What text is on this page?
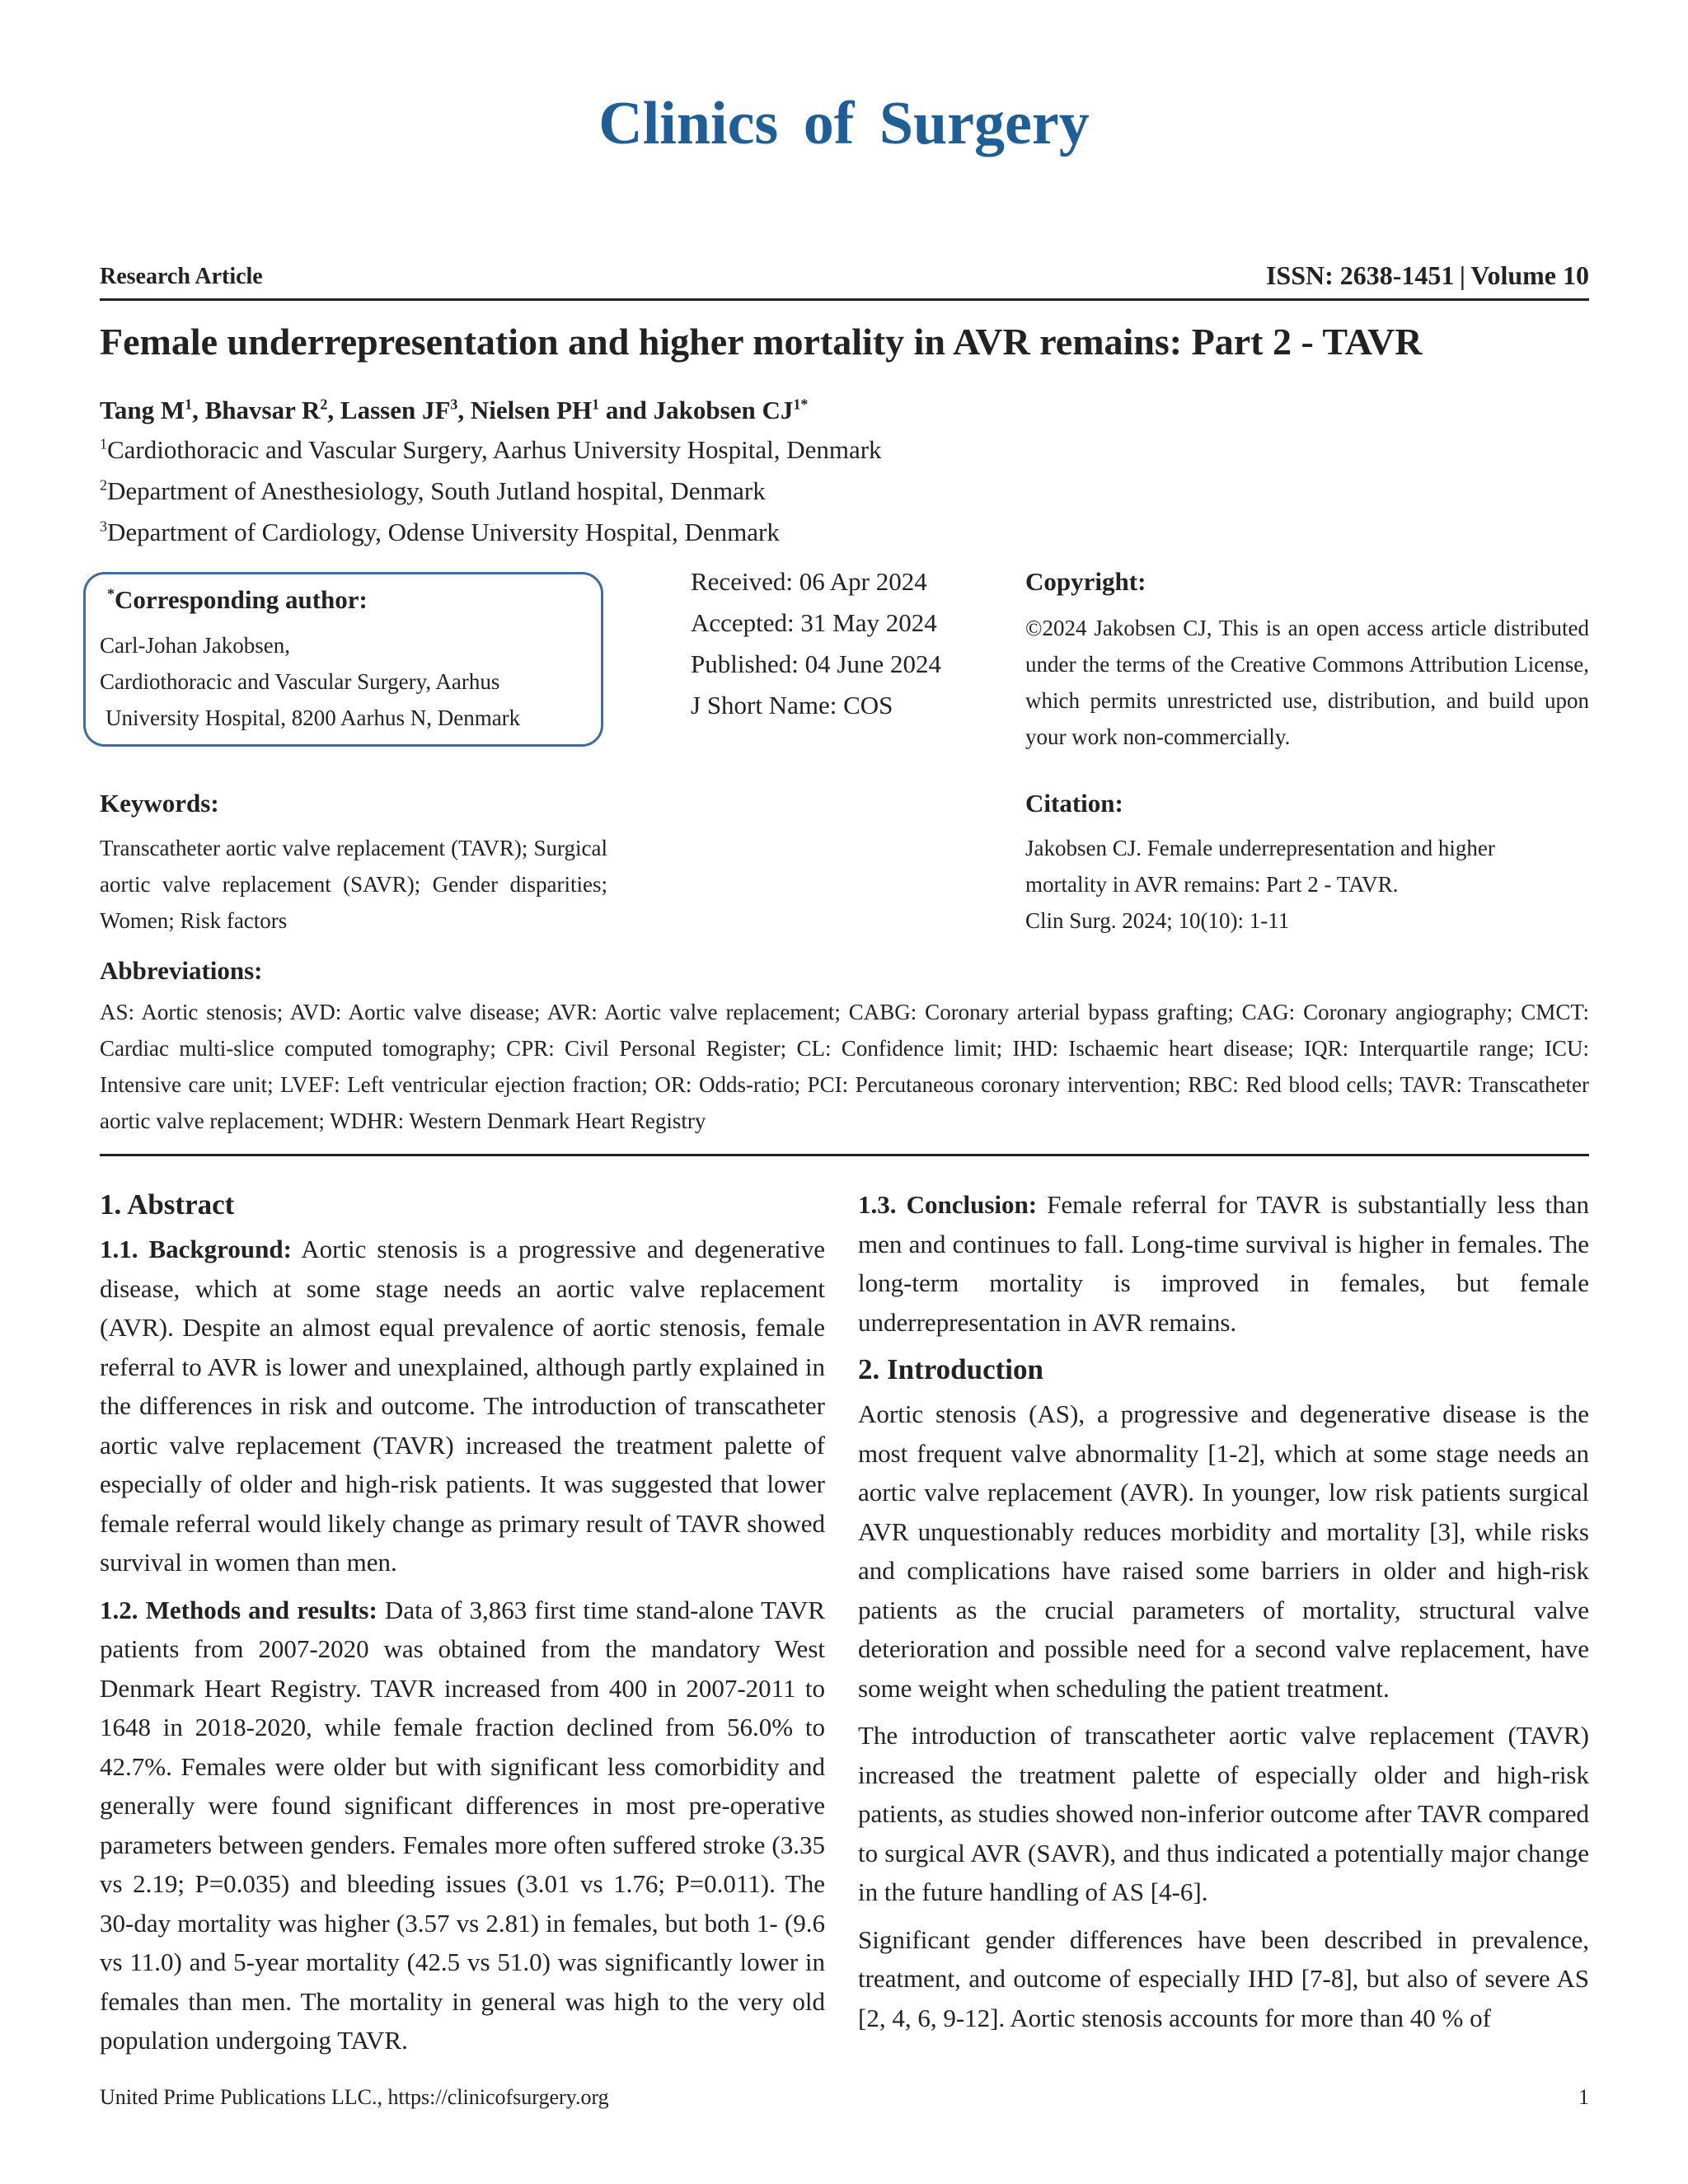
Clinics of Surgery
Research Article	ISSN: 2638-1451 | Volume 10
Female underrepresentation and higher mortality in AVR remains: Part 2 - TAVR
Tang $M^1$, Bhavsar $R^2$, Lassen $JF^3$, Nielsen $PH^1$ and Jakobsen $CJ^{1*}$
$^1$Cardiothoracic and Vascular Surgery, Aarhus University Hospital, Denmark
$^2$Department of Anesthesiology, South Jutland hospital, Denmark
$^3$Department of Cardiology, Odense University Hospital, Denmark
*Corresponding author:
Carl-Johan Jakobsen,
Cardiothoracic and Vascular Surgery, Aarhus
University Hospital, 8200 Aarhus N, Denmark
Received: 06 Apr 2024
Accepted: 31 May 2024
Published: 04 June 2024
J Short Name: COS
Copyright:
©2024 Jakobsen CJ, This is an open access article distributed under the terms of the Creative Commons Attribution License, which permits unrestricted use, distribution, and build upon your work non-commercially.
Keywords:
Transcatheter aortic valve replacement (TAVR); Surgical aortic valve replacement (SAVR); Gender disparities; Women; Risk factors
Citation:
Jakobsen CJ. Female underrepresentation and higher
mortality in AVR remains: Part 2 - TAVR.
Clin Surg. 2024; 10(10): 1-11
Abbreviations:
AS: Aortic stenosis; AVD: Aortic valve disease; AVR: Aortic valve replacement; CABG: Coronary arterial bypass grafting; CAG: Coronary angiography; CMCT: Cardiac multi-slice computed tomography; CPR: Civil Personal Register; CL: Confidence limit; IHD: Ischaemic heart disease; IQR: Interquartile range; ICU: Intensive care unit; LVEF: Left ventricular ejection fraction; OR: Odds-ratio; PCI: Percutaneous coronary intervention; RBC: Red blood cells; TAVR: Transcatheter aortic valve replacement; WDHR: Western Denmark Heart Registry
1. Abstract

1.1. Background: Aortic stenosis is a progressive and degenerative disease, which at some stage needs an aortic valve replacement (AVR). Despite an almost equal prevalence of aortic stenosis, female referral to AVR is lower and unexplained, although partly explained in the differences in risk and outcome. The introduction of transcatheter aortic valve replacement (TAVR) increased the treatment palette of especially of older and high-risk patients. It was suggested that lower female referral would likely change as primary result of TAVR showed survival in women than men.

1.2. Methods and results: Data of 3,863 first time stand-alone TAVR patients from 2007-2020 was obtained from the mandatory West Denmark Heart Registry. TAVR increased from 400 in 2007-2011 to 1648 in 2018-2020, while female fraction declined from 56.0% to 42.7%. Females were older but with significant less comorbidity and generally were found significant differences in most pre-operative parameters between genders. Females more often suffered stroke (3.35 vs 2.19; P=0.035) and bleeding issues (3.01 vs 1.76; P=0.011). The 30-day mortality was higher (3.57 vs 2.81) in females, but both 1- (9.6 vs 11.0) and 5-year mortality (42.5 vs 51.0) was significantly lower in females than men. The mortality in general was high to the very old population undergoing TAVR.

1.3. Conclusion: Female referral for TAVR is substantially less than men and continues to fall. Long-time survival is higher in females. The long-term mortality is improved in females, but female underrepresentation in AVR remains.

2. Introduction

Aortic stenosis (AS), a progressive and degenerative disease is the most frequent valve abnormality [1-2], which at some stage needs an aortic valve replacement (AVR). In younger, low risk patients surgical AVR unquestionably reduces morbidity and mortality [3], while risks and complications have raised some barriers in older and high-risk patients as the crucial parameters of mortality, structural valve deterioration and possible need for a second valve replacement, have some weight when scheduling the patient treatment.

The introduction of transcatheter aortic valve replacement (TAVR) increased the treatment palette of especially older and high-risk patients, as studies showed non-inferior outcome after TAVR compared to surgical AVR (SAVR), and thus indicated a potentially major change in the future handling of AS [4-6].

Significant gender differences have been described in prevalence, treatment, and outcome of especially IHD [7-8], but also of severe AS [2, 4, 6, 9-12]. Aortic stenosis accounts for more than 40 % of

United Prime Publications LLC., https://clinicofsurgery.org	1
